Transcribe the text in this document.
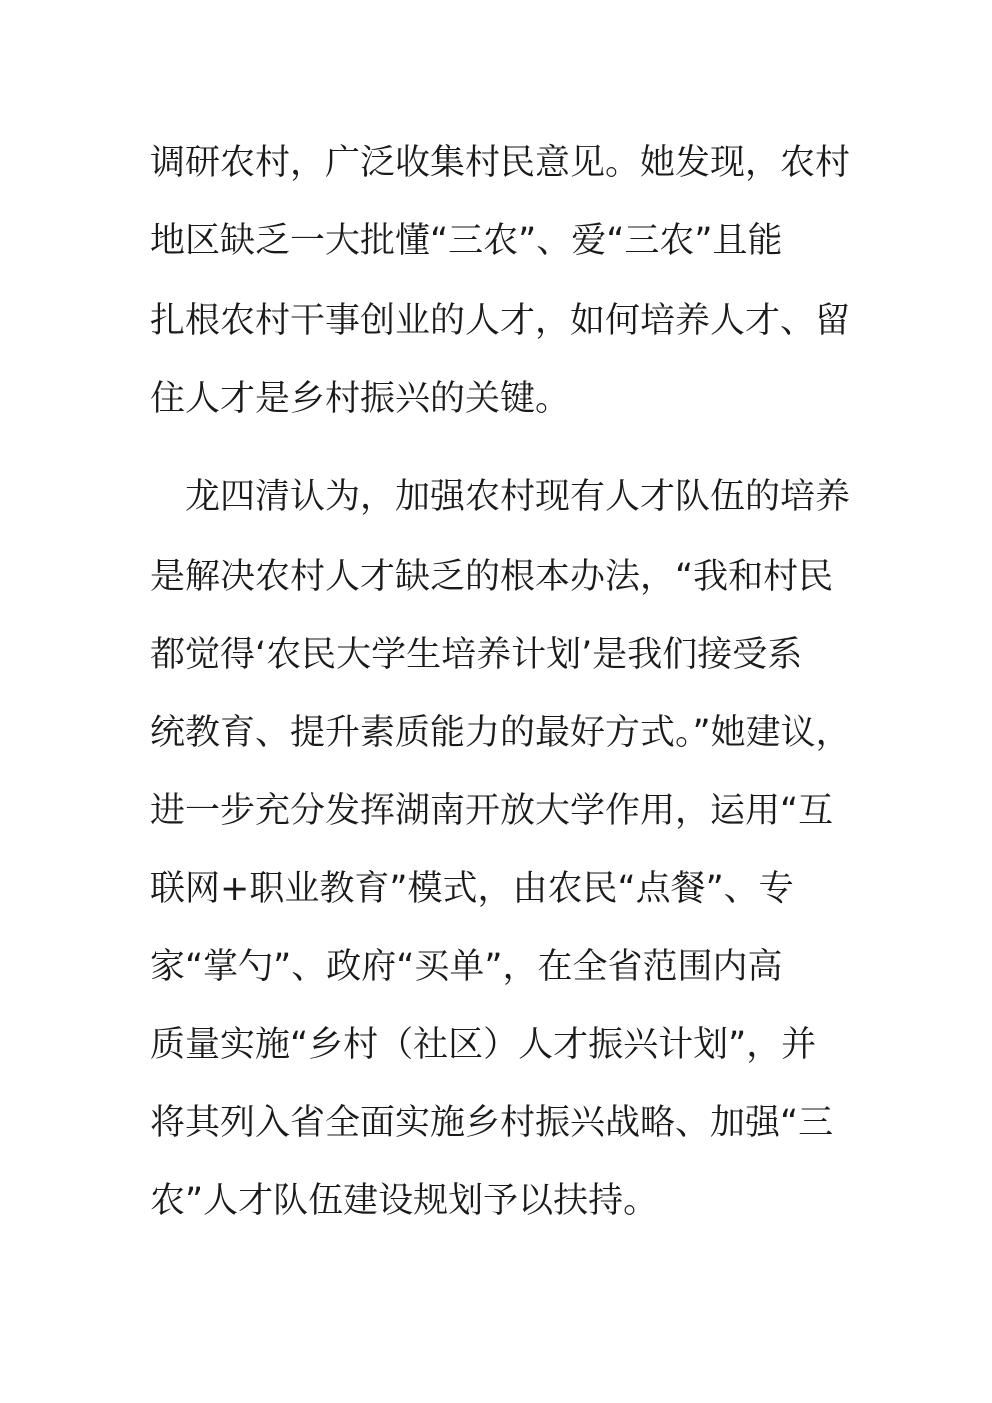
调研农村，广泛收集村民意见。她发现，农村
地区缺乏一大批懂“三农”、爱“三农”且能
扎根农村干事创业的人才，如何培养人才、留
住人才是乡村振兴的关键。
龙四清认为，加强农村现有人才队伍的培养
是解决农村人才缺乏的根本办法，“我和村民
都觉得‘农民大学生培养计划’是我们接受系
统教育、提升素质能力的最好方式。”她建议，
进一步充分发挥湖南开放大学作用，运用“互
联网+职业教育”模式，由农民“点餐”、专
家“掌勺”、政府“买单”，在全省范围内高
质量实施“乡村（社区）人才振兴计划”，并
将其列入省全面实施乡村振兴战略、加强“三
农”人才队伍建设规划予以扶持。
